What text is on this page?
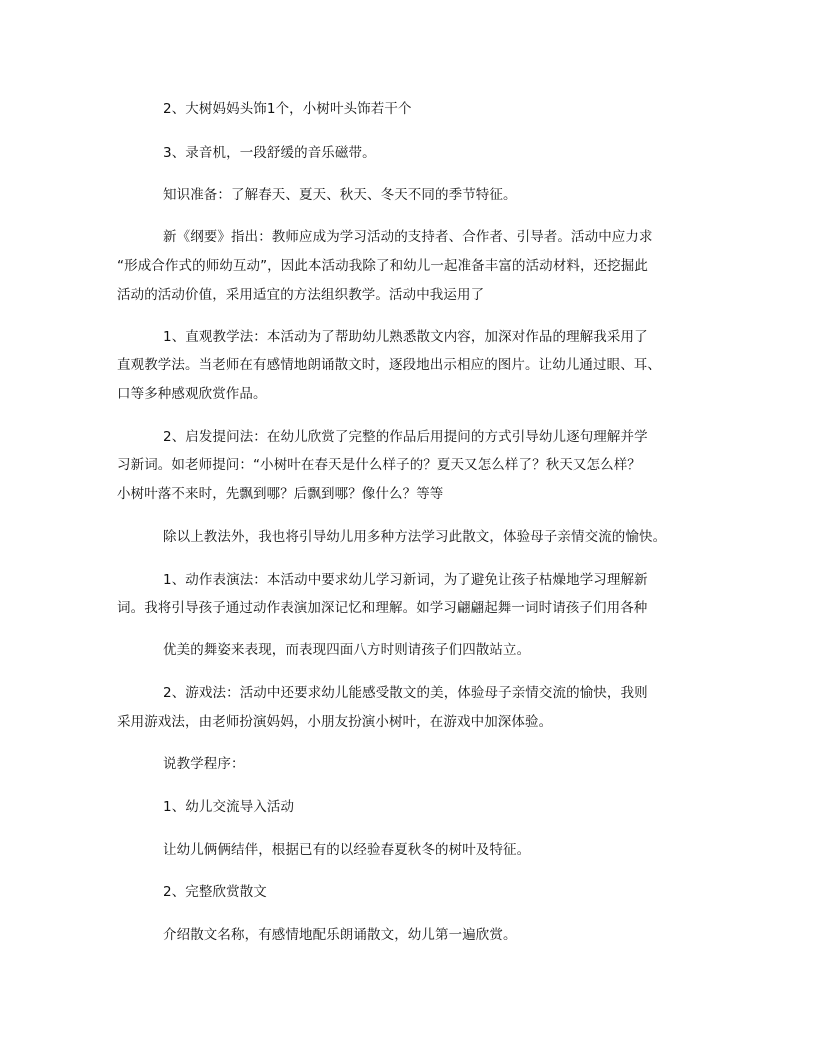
2、大树妈妈头饰1个，小树叶头饰若干个
3、录音机，一段舒缓的音乐磁带。
知识准备：了解春天、夏天、秋天、冬天不同的季节特征。
新《纲要》指出：教师应成为学习活动的支持者、合作者、引导者。活动中应力求
“形成合作式的师幼互动”，因此本活动我除了和幼儿一起准备丰富的活动材料，还挖掘此
活动的活动价值，采用适宜的方法组织教学。活动中我运用了
1、直观教学法：本活动为了帮助幼儿熟悉散文内容，加深对作品的理解我采用了
直观教学法。当老师在有感情地朗诵散文时，逐段地出示相应的图片。让幼儿通过眼、耳、
口等多种感观欣赏作品。
2、启发提问法：在幼儿欣赏了完整的作品后用提问的方式引导幼儿逐句理解并学
习新词。如老师提问：“小树叶在春天是什么样子的？夏天又怎么样了？秋天又怎么样？
小树叶落不来时，先飘到哪？后飘到哪？像什么？等等
除以上教法外，我也将引导幼儿用多种方法学习此散文，体验母子亲情交流的愉快。
1、动作表演法：本活动中要求幼儿学习新词，为了避免让孩子枯燥地学习理解新
词。我将引导孩子通过动作表演加深记忆和理解。如学习翩翩起舞一词时请孩子们用各种
优美的舞姿来表现，而表现四面八方时则请孩子们四散站立。
2、游戏法：活动中还要求幼儿能感受散文的美，体验母子亲情交流的愉快，我则
采用游戏法，由老师扮演妈妈，小朋友扮演小树叶，在游戏中加深体验。
说教学程序：
1、幼儿交流导入活动
让幼儿俩俩结伴，根据已有的以经验春夏秋冬的树叶及特征。
2、完整欣赏散文
介绍散文名称，有感情地配乐朗诵散文，幼儿第一遍欣赏。
